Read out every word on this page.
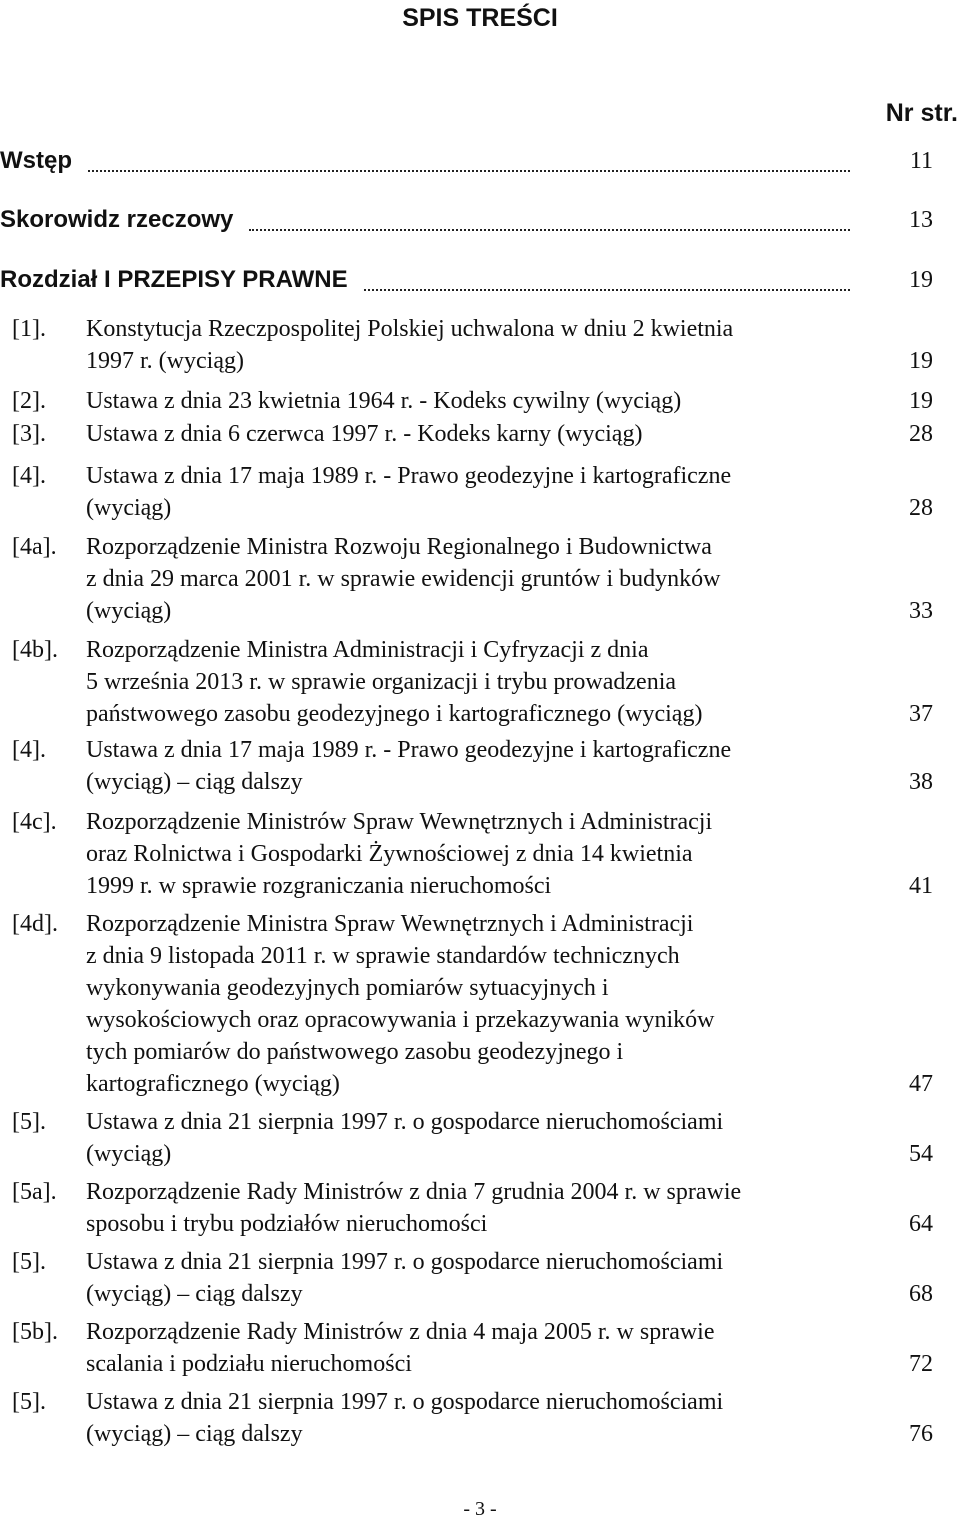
SPIS TREŚCI
Nr str.
Wstęp	11
Skorowidz rzeczowy	13
Rozdział I PRZEPISY PRAWNE	19
[1]. Konstytucja Rzeczpospolitej Polskiej uchwalona w dniu 2 kwietnia
1997 r. (wyciąg)	19
[2]. Ustawa z dnia 23 kwietnia 1964 r. - Kodeks cywilny (wyciąg)	19
[3]. Ustawa z dnia 6 czerwca 1997 r. - Kodeks karny (wyciąg)	28
[4]. Ustawa z dnia 17 maja 1989 r. - Prawo geodezyjne i kartograficzne
(wyciąg)	28
[4a]. Rozporządzenie Ministra Rozwoju Regionalnego i Budownictwa
z dnia 29 marca 2001 r. w sprawie ewidencji gruntów i budynków
(wyciąg)	33
[4b]. Rozporządzenie Ministra Administracji i Cyfryzacji z dnia
5 września 2013 r. w sprawie organizacji i trybu prowadzenia
państwowego zasobu geodezyjnego i kartograficznego (wyciąg)	37
[4]. Ustawa z dnia 17 maja 1989 r. - Prawo geodezyjne i kartograficzne
(wyciąg) – ciąg dalszy	38
[4c]. Rozporządzenie Ministrów Spraw Wewnętrznych i Administracji
oraz Rolnictwa i Gospodarki Żywnościowej z dnia 14 kwietnia
1999 r. w sprawie rozgraniczania nieruchomości	41
[4d]. Rozporządzenie Ministra Spraw Wewnętrznych i Administracji
z dnia 9 listopada 2011 r. w sprawie standardów technicznych
wykonywania geodezyjnych pomiarów sytuacyjnych i
wysokościowych oraz opracowywania i przekazywania wyników
tych pomiarów do państwowego zasobu geodezyjnego i
kartograficznego (wyciąg)	47
[5]. Ustawa z dnia 21 sierpnia 1997 r. o gospodarce nieruchomościami
(wyciąg)	54
[5a]. Rozporządzenie Rady Ministrów z dnia 7 grudnia 2004 r. w sprawie
sposobu i trybu podziałów nieruchomości	64
[5]. Ustawa z dnia 21 sierpnia 1997 r. o gospodarce nieruchomościami
(wyciąg) – ciąg dalszy	68
[5b]. Rozporządzenie Rady Ministrów z dnia 4 maja 2005 r. w sprawie
scalania i podziału nieruchomości	72
[5]. Ustawa z dnia 21 sierpnia 1997 r. o gospodarce nieruchomościami
(wyciąg) – ciąg dalszy	76
- 3 -
